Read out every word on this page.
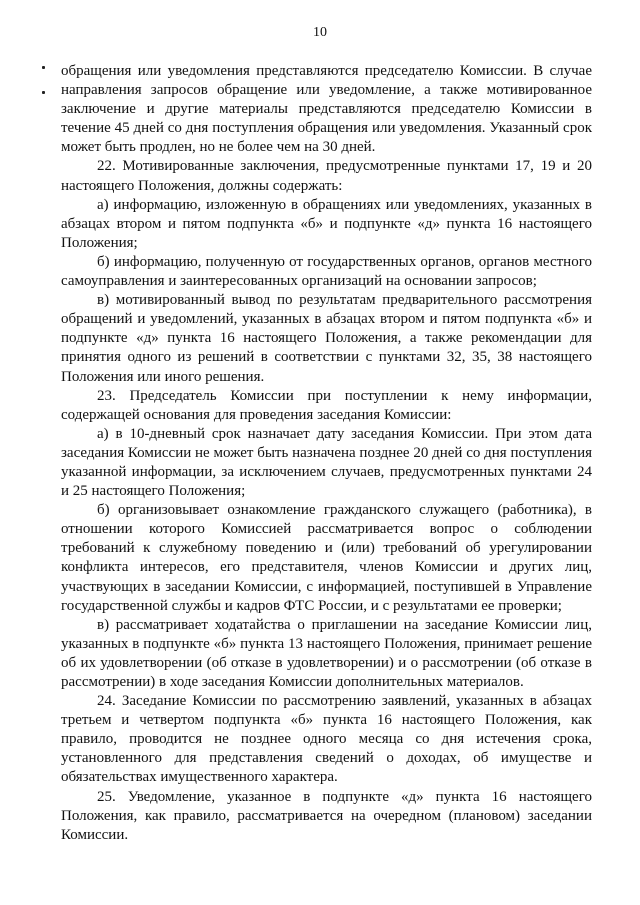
10

обращения или уведомления представляются председателю Комиссии. В случае направления запросов обращение или уведомление, а также мотивированное заключение и другие материалы представляются председателю Комиссии в течение 45 дней со дня поступления обращения или уведомления. Указанный срок может быть продлен, но не более чем на 30 дней.

22. Мотивированные заключения, предусмотренные пунктами 17, 19 и 20 настоящего Положения, должны содержать:

а) информацию, изложенную в обращениях или уведомлениях, указанных в абзацах втором и пятом подпункта «б» и подпункте «д» пункта 16 настоящего Положения;

б) информацию, полученную от государственных органов, органов местного самоуправления и заинтересованных организаций на основании запросов;

в) мотивированный вывод по результатам предварительного рассмотрения обращений и уведомлений, указанных в абзацах втором и пятом подпункта «б» и подпункте «д» пункта 16 настоящего Положения, а также рекомендации для принятия одного из решений в соответствии с пунктами 32, 35, 38 настоящего Положения или иного решения.

23. Председатель Комиссии при поступлении к нему информации, содержащей основания для проведения заседания Комиссии:

а) в 10-дневный срок назначает дату заседания Комиссии. При этом дата заседания Комиссии не может быть назначена позднее 20 дней со дня поступления указанной информации, за исключением случаев, предусмотренных пунктами 24 и 25 настоящего Положения;

б) организовывает ознакомление гражданского служащего (работника), в отношении которого Комиссией рассматривается вопрос о соблюдении требований к служебному поведению и (или) требований об урегулировании конфликта интересов, его представителя, членов Комиссии и других лиц, участвующих в заседании Комиссии, с информацией, поступившей в Управление государственной службы и кадров ФТС России, и с результатами ее проверки;

в) рассматривает ходатайства о приглашении на заседание Комиссии лиц, указанных в подпункте «б» пункта 13 настоящего Положения, принимает решение об их удовлетворении (об отказе в удовлетворении) и о рассмотрении (об отказе в рассмотрении) в ходе заседания Комиссии дополнительных материалов.

24. Заседание Комиссии по рассмотрению заявлений, указанных в абзацах третьем и четвертом подпункта «б» пункта 16 настоящего Положения, как правило, проводится не позднее одного месяца со дня истечения срока, установленного для представления сведений о доходах, об имуществе и обязательствах имущественного характера.

25. Уведомление, указанное в подпункте «д» пункта 16 настоящего Положения, как правило, рассматривается на очередном (плановом) заседании Комиссии.
